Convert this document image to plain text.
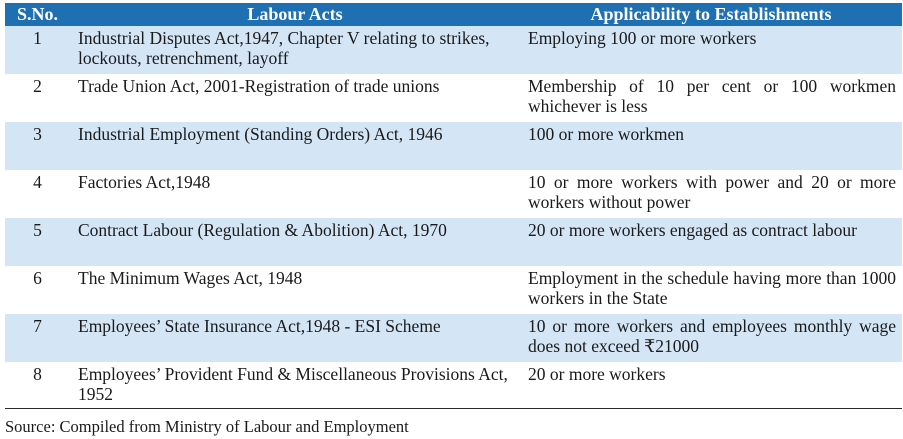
S.No.	Labour Acts	Applicability to Establishments
1	Industrial Disputes Act,1947, Chapter V relating to strikes, lockouts, retrenchment, layoff	Employing 100 or more workers
2	Trade Union Act, 2001-Registration of trade unions	Membership of 10 per cent or 100 workmen whichever is less
3	Industrial Employment (Standing Orders) Act, 1946	100 or more workmen
4	Factories Act,1948	10 or more workers with power and 20 or more workers without power
5	Contract Labour (Regulation & Abolition) Act, 1970	20 or more workers engaged as contract labour
6	The Minimum Wages Act, 1948	Employment in the schedule having more than 1000 workers in the State
7	Employees’ State Insurance Act,1948 - ESI Scheme	10 or more workers and employees monthly wage does not exceed ₹21000
8	Employees’ Provident Fund & Miscellaneous Provisions Act, 1952	20 or more workers
Source: Compiled from Ministry of Labour and Employment
